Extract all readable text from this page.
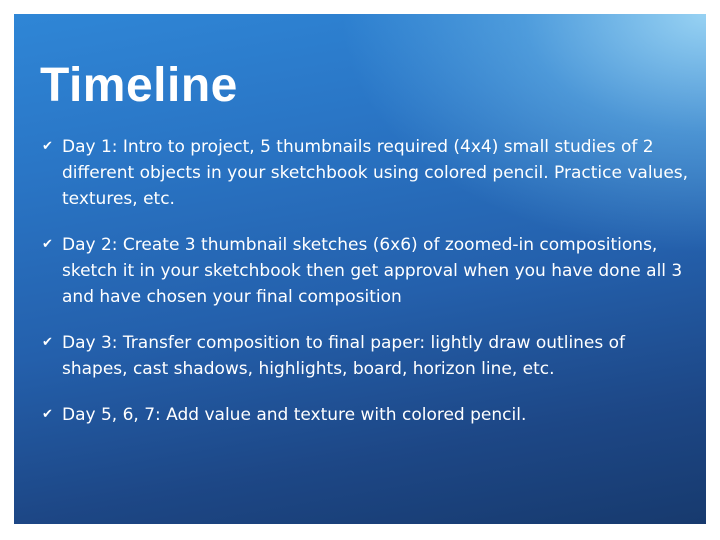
Timeline
✔ Day 1: Intro to project, 5 thumbnails required (4x4) small studies of 2 different objects in your sketchbook using colored pencil. Practice values, textures, etc.
✔ Day 2: Create 3 thumbnail sketches (6x6) of zoomed-in compositions, sketch it in your sketchbook then get approval when you have done all 3 and have chosen your final composition
✔ Day 3: Transfer composition to final paper: lightly draw outlines of shapes, cast shadows, highlights, board, horizon line, etc.
✔ Day 5, 6, 7: Add value and texture with colored pencil.
